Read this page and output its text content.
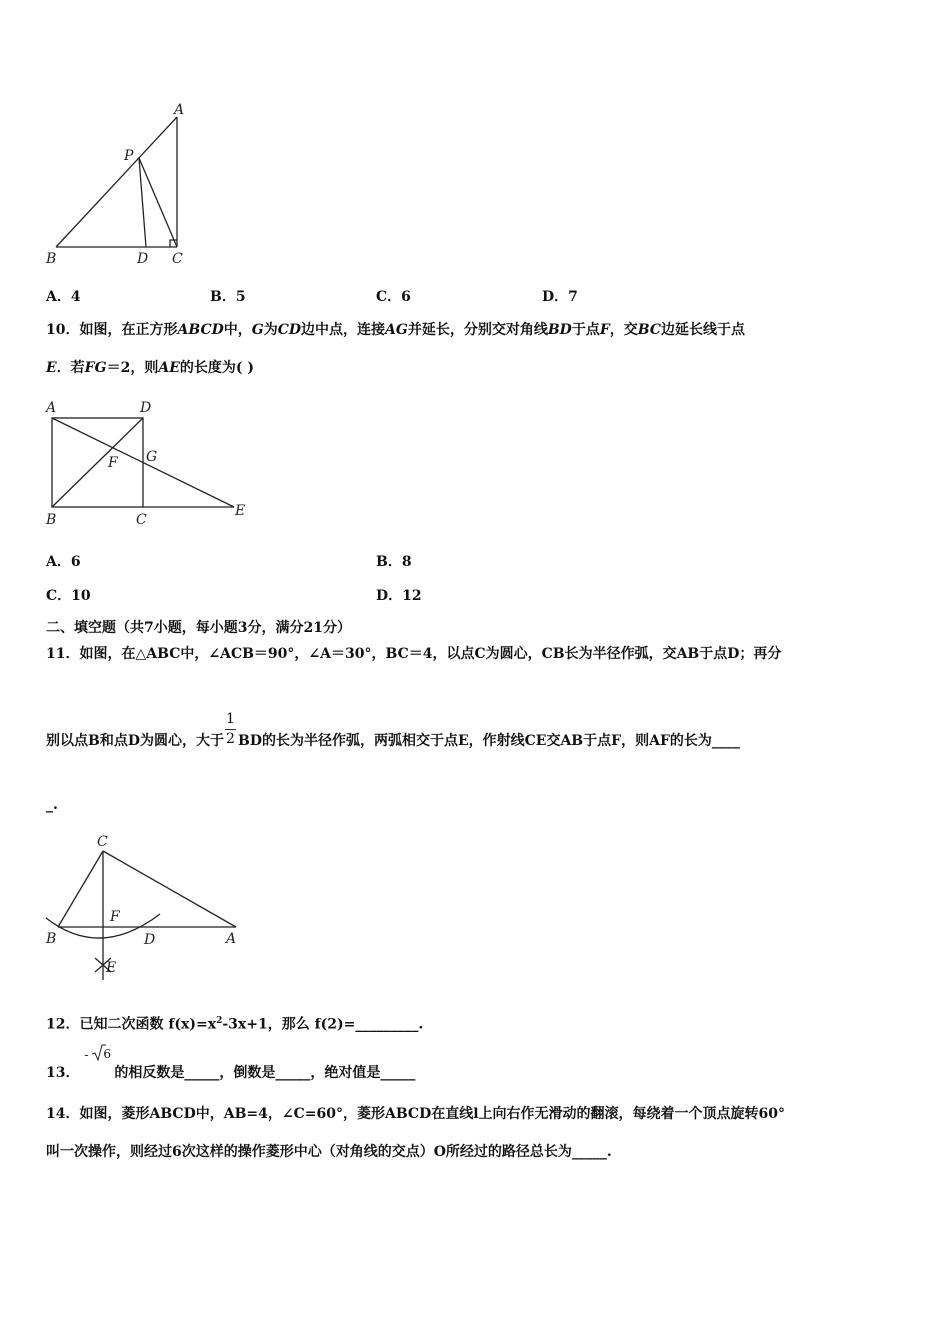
A
P
B	D C
A．4	B．5	C．6	D．7
10．如图，在正方形ABCD中，G为CD边中点，连接AG并延长，分别交对角线BD于点F，交BC边延长线于点
E．若FG＝2，则AE的长度为( )
A	D
F G
B	C
E
A．6	B．8
C．10	D．12
二、填空题（共7小题，每小题3分，满分21分）
11．如图，在△ABC中，∠ACB＝90°，∠A＝30°，BC＝4，以点C为圆心，CB长为半径作弧，交AB于点D；再分
别以点B和点D为圆心，大于 $\frac{1}{2}$ BD的长为半径作弧，两弧相交于点E，作射线CE交AB于点F，则AF的长为____
_.
C
F
B	D	A
E
12．已知二次函数 $f(x)=x^2-3x+1$，那么 f(2)=_________.
13．
- 6
的相反数是_____，倒数是_____，绝对值是_____
14．如图，菱形ABCD中，AB=4，∠C=60°，菱形ABCD在直线l上向右作无滑动的翻滚，每绕着一个顶点旋转60°
叫一次操作，则经过6次这样的操作菱形中心（对角线的交点）O所经过的路径总长为_____.
